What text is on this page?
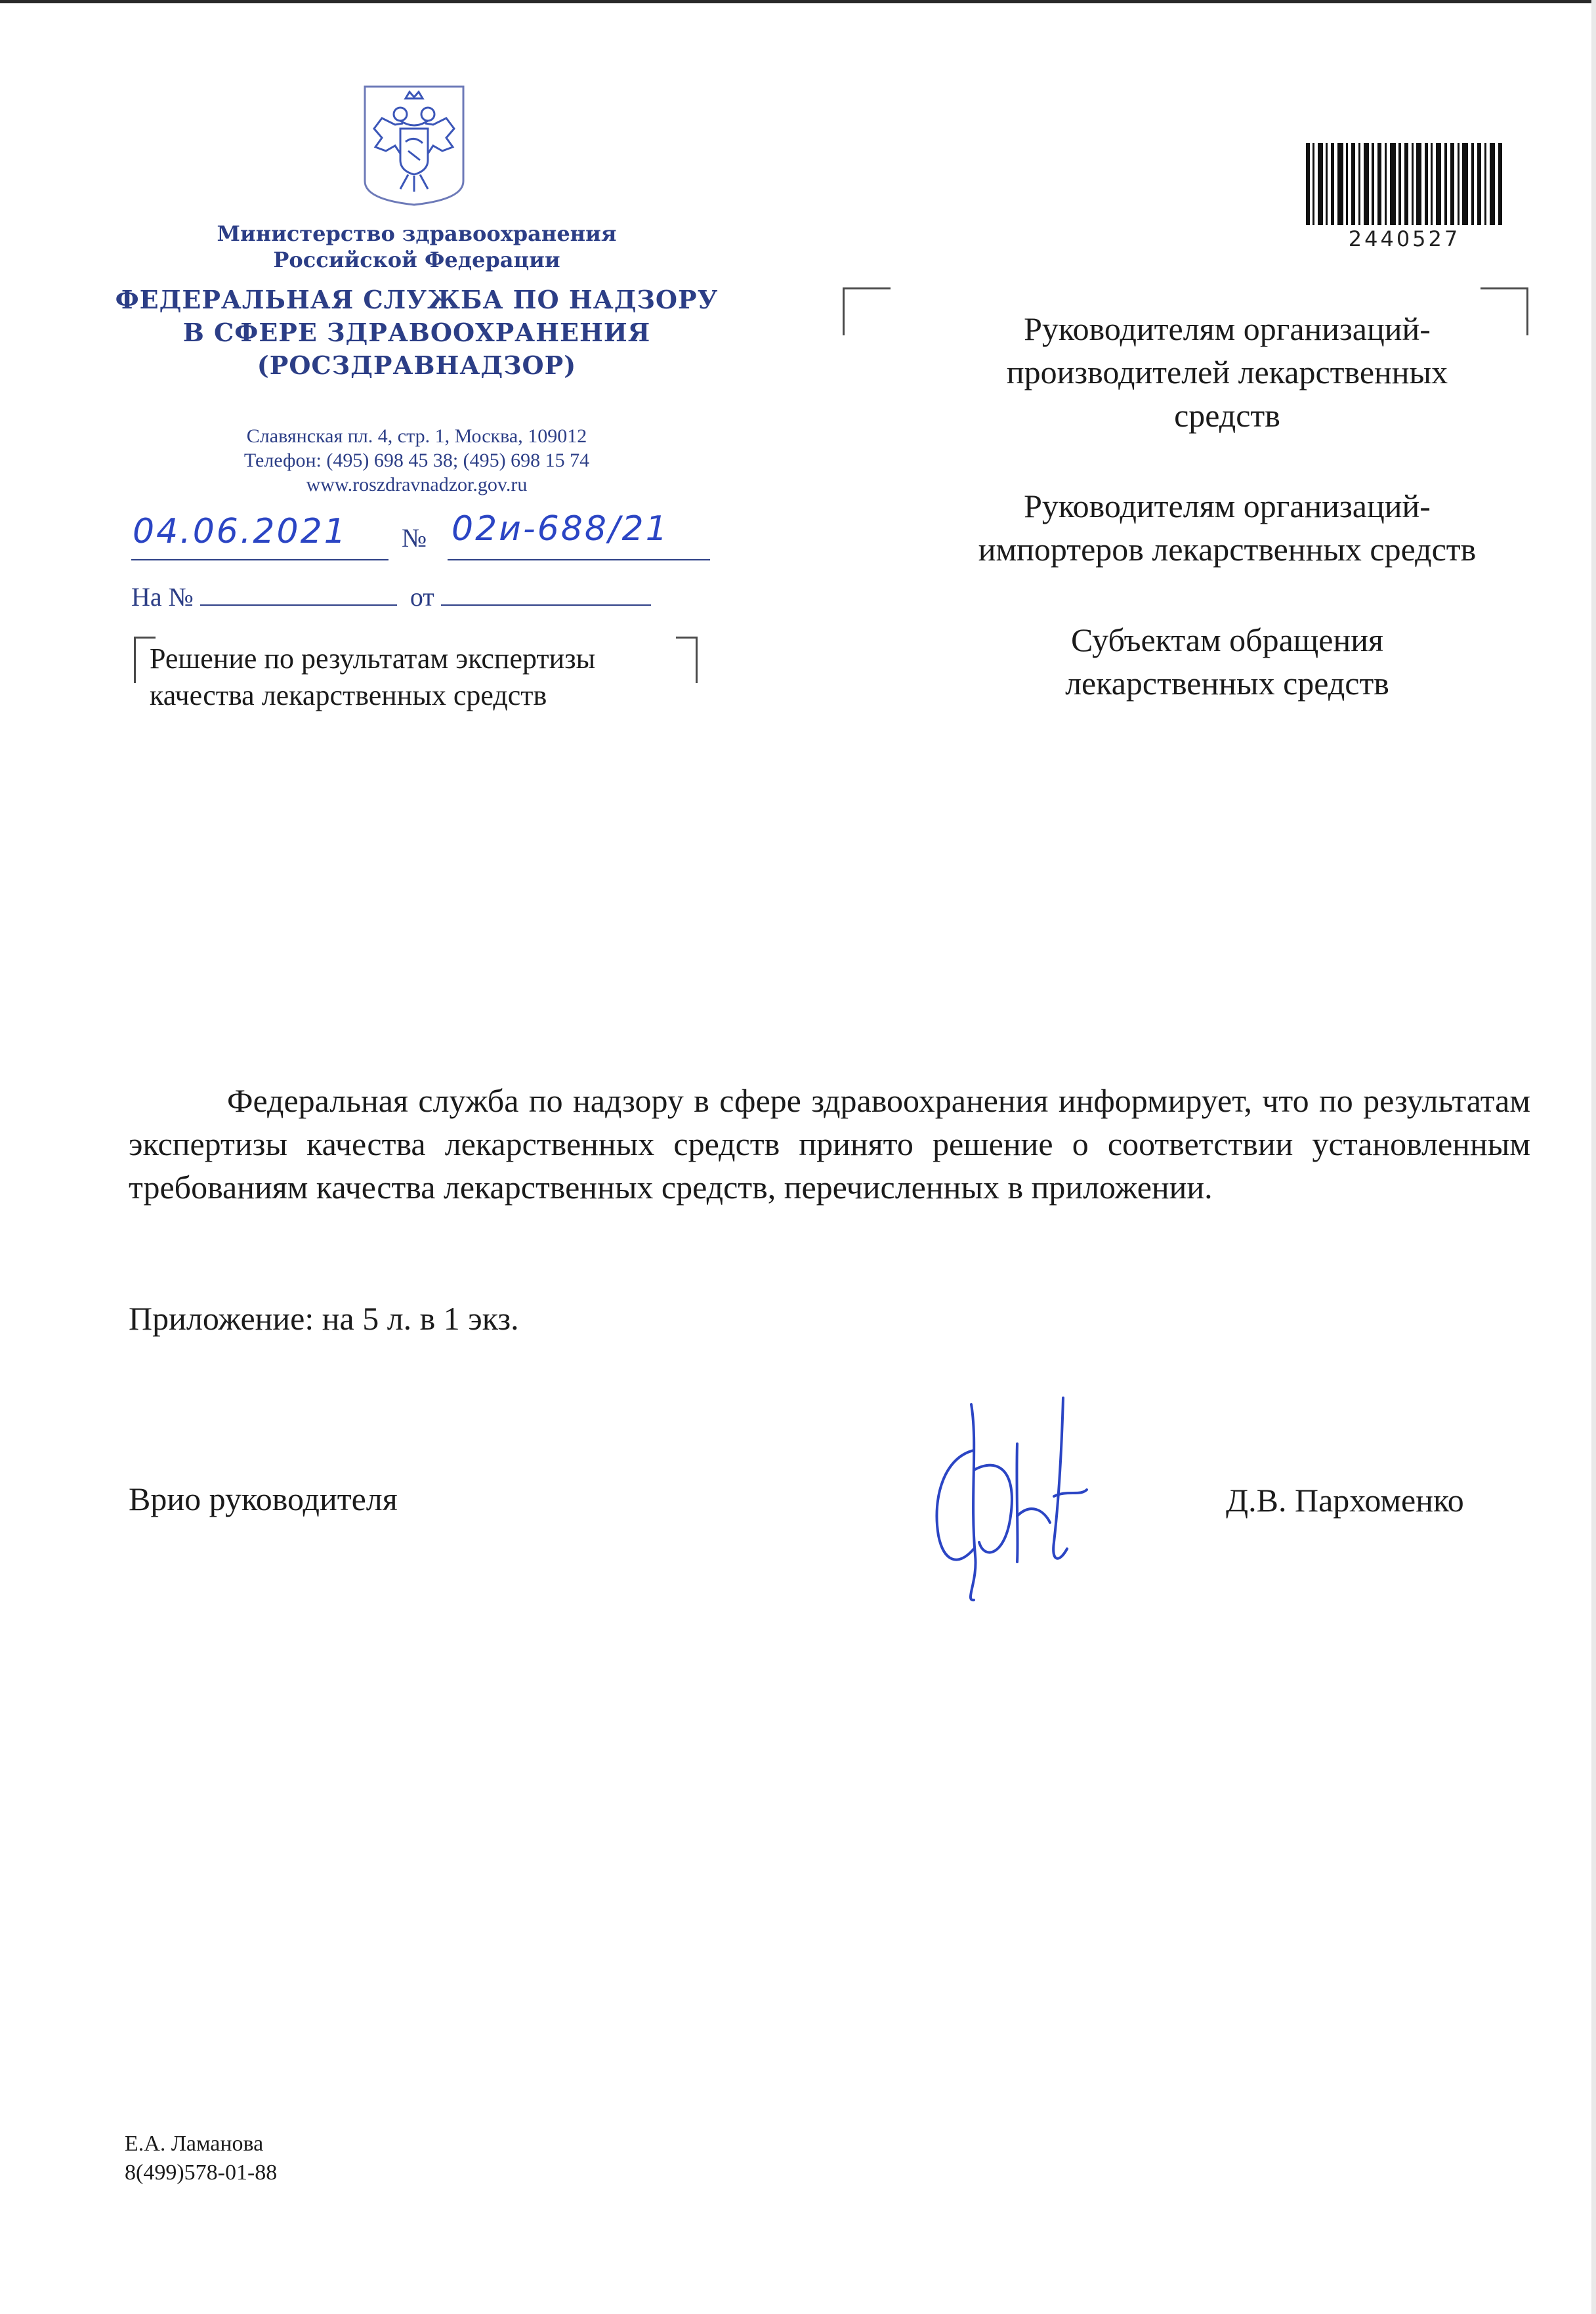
Министерство здравоохранения
Российской Федерации
ФЕДЕРАЛЬНАЯ СЛУЖБА ПО НАДЗОРУ
В СФЕРЕ ЗДРАВООХРАНЕНИЯ
(РОСЗДРАВНАДЗОР)
Славянская пл. 4, стр. 1, Москва, 109012
Телефон: (495) 698 45 38; (495) 698 15 74
www.roszdravnadzor.gov.ru
04.06.2021 № 02и-688/21
На №	от
Решение по результатам экспертизы
качества лекарственных средств
2440527
Руководителям организаций-
производителей лекарственных
средств
Руководителям организаций-
импортеров лекарственных средств
Субъектам обращения
лекарственных средств

Федеральная служба по надзору в сфере здравоохранения информирует, что по результатам экспертизы качества лекарственных средств принято решение о соответствии установленным требованиям качества лекарственных средств, перечисленных в приложении.

Приложение: на 5 л. в 1 экз.
Врио руководителя	Д.В. Пархоменко
Е.А. Ламанова
8(499)578-01-88
